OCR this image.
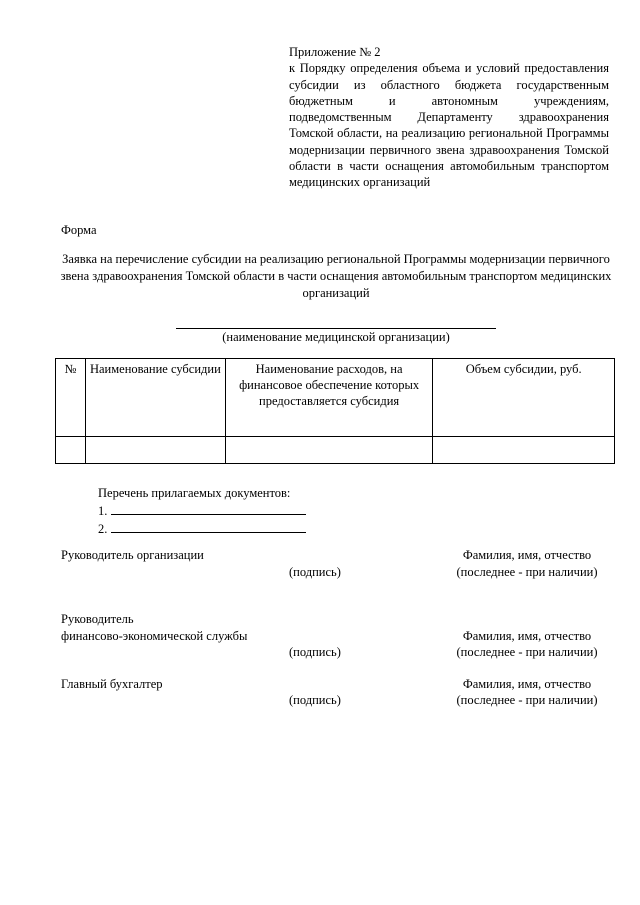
Приложение № 2
к Порядку определения объема и условий предоставления субсидии из областного бюджета государственным бюджетным и автономным учреждениям, подведомственным Департаменту здравоохранения Томской области, на реализацию региональной Программы модернизации первичного звена здравоохранения Томской области в части оснащения автомобильным транспортом медицинских организаций
Форма
Заявка на перечисление субсидии на реализацию региональной Программы модернизации первичного звена здравоохранения Томской области в части оснащения автомобильным транспортом медицинских организаций
(наименование медицинской организации)
№	Наименование субсидии	Наименование расходов, на финансовое обеспечение которых предоставляется субсидия	Объем субсидии, руб.

Перечень прилагаемых документов:
1.
2.
Руководитель организации
(подпись)
Фамилия, имя, отчество
(последнее - при наличии)
Руководитель
финансово-экономической службы
(подпись)
Фамилия, имя, отчество
(последнее - при наличии)
Главный бухгалтер
(подпись)
Фамилия, имя, отчество
(последнее - при наличии)
